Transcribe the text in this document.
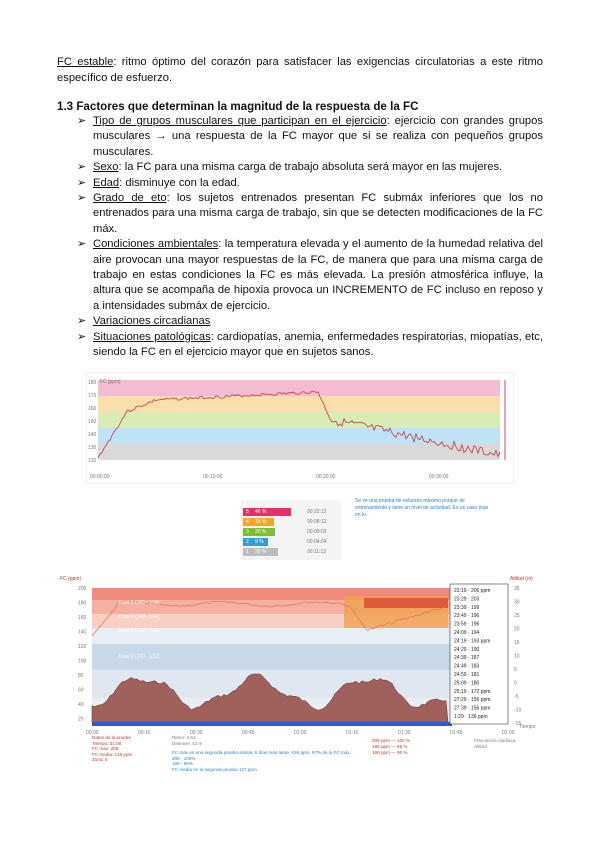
FC estable: ritmo óptimo del corazón para satisfacer las exigencias circulatorias a este ritmo específico de esfuerzo.
1.3 Factores que determinan la magnitud de la respuesta de la FC
➢ Tipo de grupos musculares que participan en el ejercicio: ejercicio con grandes grupos musculares → una respuesta de la FC mayor que si se realiza con pequeños grupos musculares.
➢ Sexo: la FC para una misma carga de trabajo absoluta será mayor en las mujeres.
➢ Edad: disminuye con la edad.
➢ Grado de eto: los sujetos entrenados presentan FC submáx inferiores que los no entrenados para una misma carga de trabajo, sin que se detecten modificaciones de la FC máx.
➢ Condiciones ambientales: la temperatura elevada y el aumento de la humedad relativa del aire provocan una mayor respuestas de la FC, de manera que para una misma carga de trabajo en estas condiciones la FC es más elevada. La presión atmosférica influye, la altura que se acompaña de hipoxia provoca un INCREMENTO de FC incluso en reposo y a intensidades submáx de ejercicio.
➢ Variaciones circadianas
➢ Situaciones patológicas: cardiopatías, anemia, enfermedades respiratorias, miopatías, etc, siendo la FC en el ejercicio mayor que en sujetos sanos.
180
170
160
150
140
130
120
00:00:00	00:10:00	00:20:00	00:30:00
FC [ppm]
5 46 %	00:22:12
4 18 %	00:08:12
3 20 %	00:09:03
2 9 %	00:04:04
1 25 %	00:11:13
Se ve una prueba de esfuerzo máximo porque de entrenamiento y tiene un nivel de actividad. Es un caso mas en lo.
200
180
160
140
120
100
80
60
40
20
35
30
25
20
15
10
5
0
-5
-10
-15
00:00	00:15	00:30	00:45	01:00	01:15	01:30	01:45	02:00
Zona 5 (165 - 178)
Zona 4 (149 - 164)
Zona 3 (133 - 148)
Zona 2 (100 - 132)
FC (ppm)	Altitud (m)
Tiempo
23:19 · 206 ppm
23:29 · 203
23:39 · 199
23:49 · 196
23:59 · 196
24:09 · 194
24:19 · 193 ppm
24:29 · 190
24:39 · 187
24:49 · 183
24:59 · 181
25:09 · 180
25:19 · 172 ppm
27:29 · 156 ppm
27:39 · 156 ppm
1:29 · 136 ppm
Datos de la prueba
Tiempo: 01:58
FC máx: 206
FC media: 135 ppm
Zona: 5
Ritmo: 4.51
Desnivel: 42 m
FC máx en una segunda prueba similar, 5 días más tarde, 196 ppm, 97% de la FC máx.
206 - 100%
196 - 95%
FC media en la segunda prueba 127 ppm
206 ppm — 100 %
196 ppm — 95 %
186 ppm — 90 %
Frecuencia cardiaca
Altitud
